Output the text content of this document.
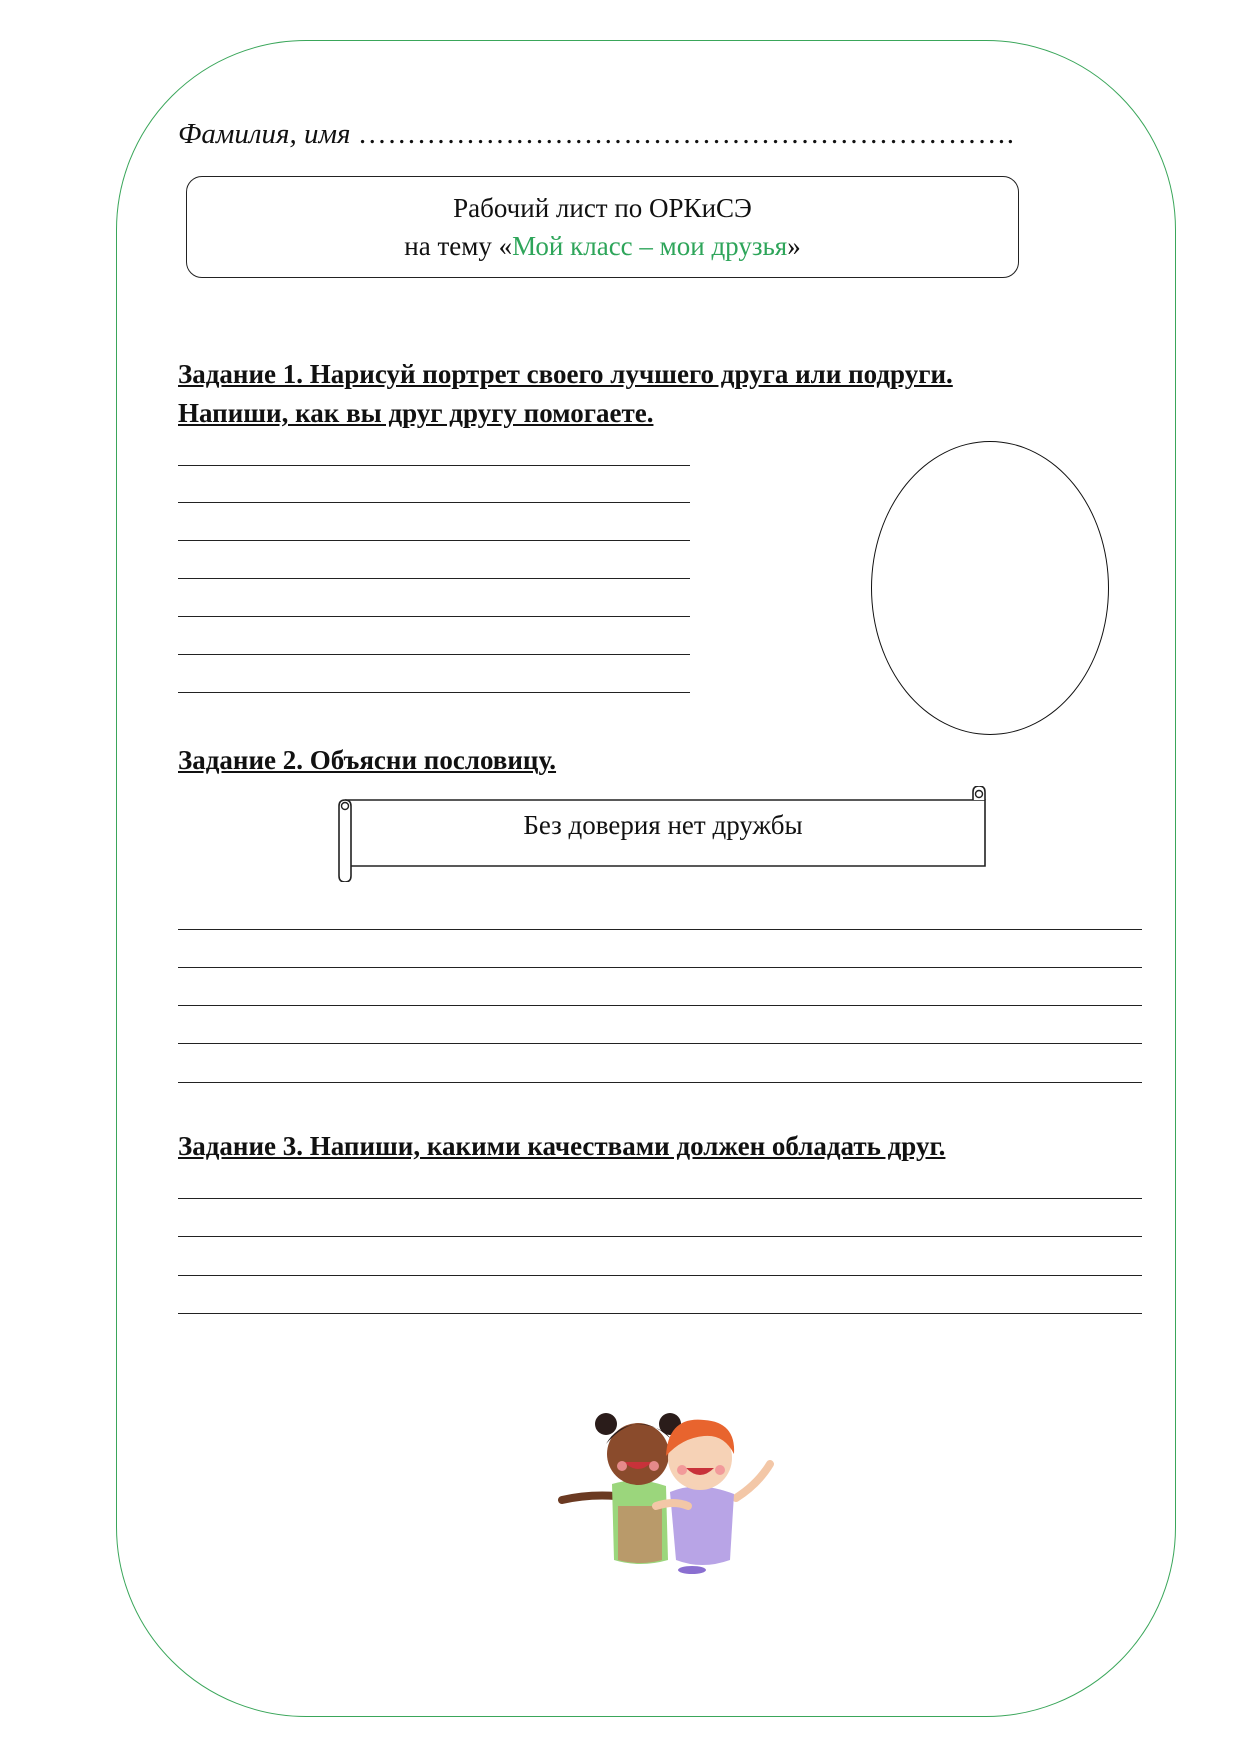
Фамилия, имя ………………………………………………………….
Рабочий лист по ОРКиСЭ
на тему «Мой класс – мои друзья»
Задание 1. Нарисуй портрет своего лучшего друга или подруги.
Напиши, как вы друг другу помогаете.
Задание 2. Объясни пословицу.
Без доверия нет дружбы
Задание 3. Напиши, какими качествами должен обладать друг.
